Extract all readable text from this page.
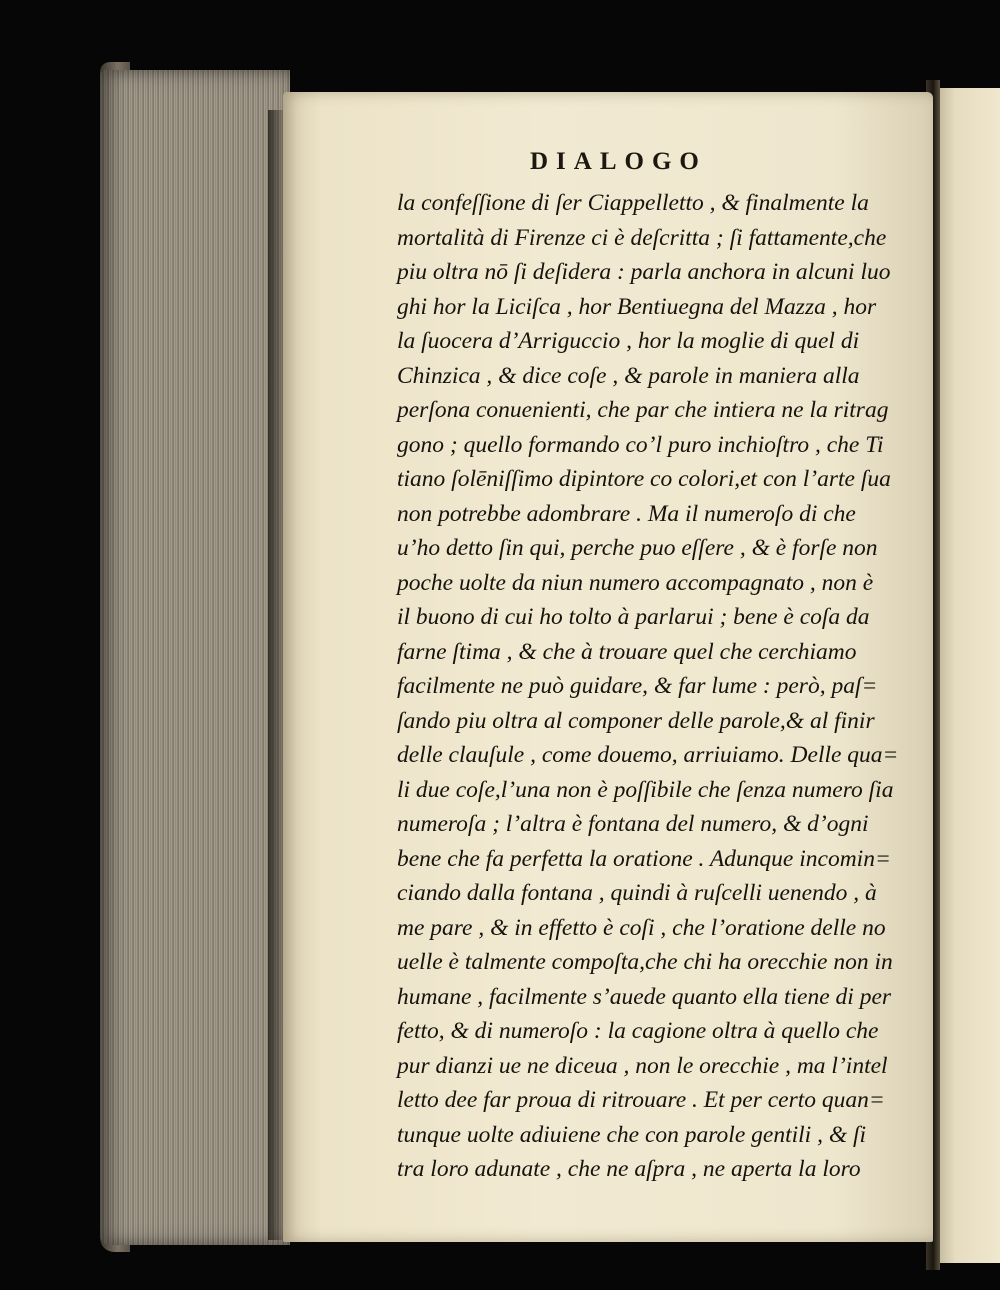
DIALOGO
la confeſſione di ſer Ciappelletto , & finalmente la
mortalità di Firenze ci è deſcritta ; ſi fattamente,che
piu oltra nō ſi deſidera : parla anchora in alcuni luo
ghi hor la Liciſca , hor Bentiuegna del Mazza , hor
la ſuocera d’Arriguccio , hor la moglie di quel di
Chinzica , & dice coſe , & parole in maniera alla
perſona conuenienti, che par che intiera ne la ritrag
gono ; quello formando co’l puro inchioſtro , che Ti
tiano ſolēniſſimo dipintore co colori,et con l’arte ſua
non potrebbe adombrare . Ma il numeroſo di che
u’ho detto ſin qui, perche puo eſſere , & è forſe non
poche uolte da niun numero accompagnato , non è
il buono di cui ho tolto à parlarui ; bene è coſa da
farne ſtima , & che à trouare quel che cerchiamo
facilmente ne può guidare, & far lume : però, paſ=
ſando piu oltra al componer delle parole,& al finir
delle clauſule , come douemo, arriuiamo. Delle qua=
li due coſe,l’una non è poſſibile che ſenza numero ſia
numeroſa ; l’altra è fontana del numero, & d’ogni
bene che fa perfetta la oratione . Adunque incomin=
ciando dalla fontana , quindi à ruſcelli uenendo , à
me pare , & in effetto è coſi , che l’oratione delle no
uelle è talmente compoſta,che chi ha orecchie non in
humane , facilmente s’auede quanto ella tiene di per
fetto, & di numeroſo : la cagione oltra à quello che
pur dianzi ue ne diceua , non le orecchie , ma l’intel
letto dee far proua di ritrouare . Et per certo quan=
tunque uolte adiuiene che con parole gentili , & ſi
tra loro adunate , che ne aſpra , ne aperta la loro
